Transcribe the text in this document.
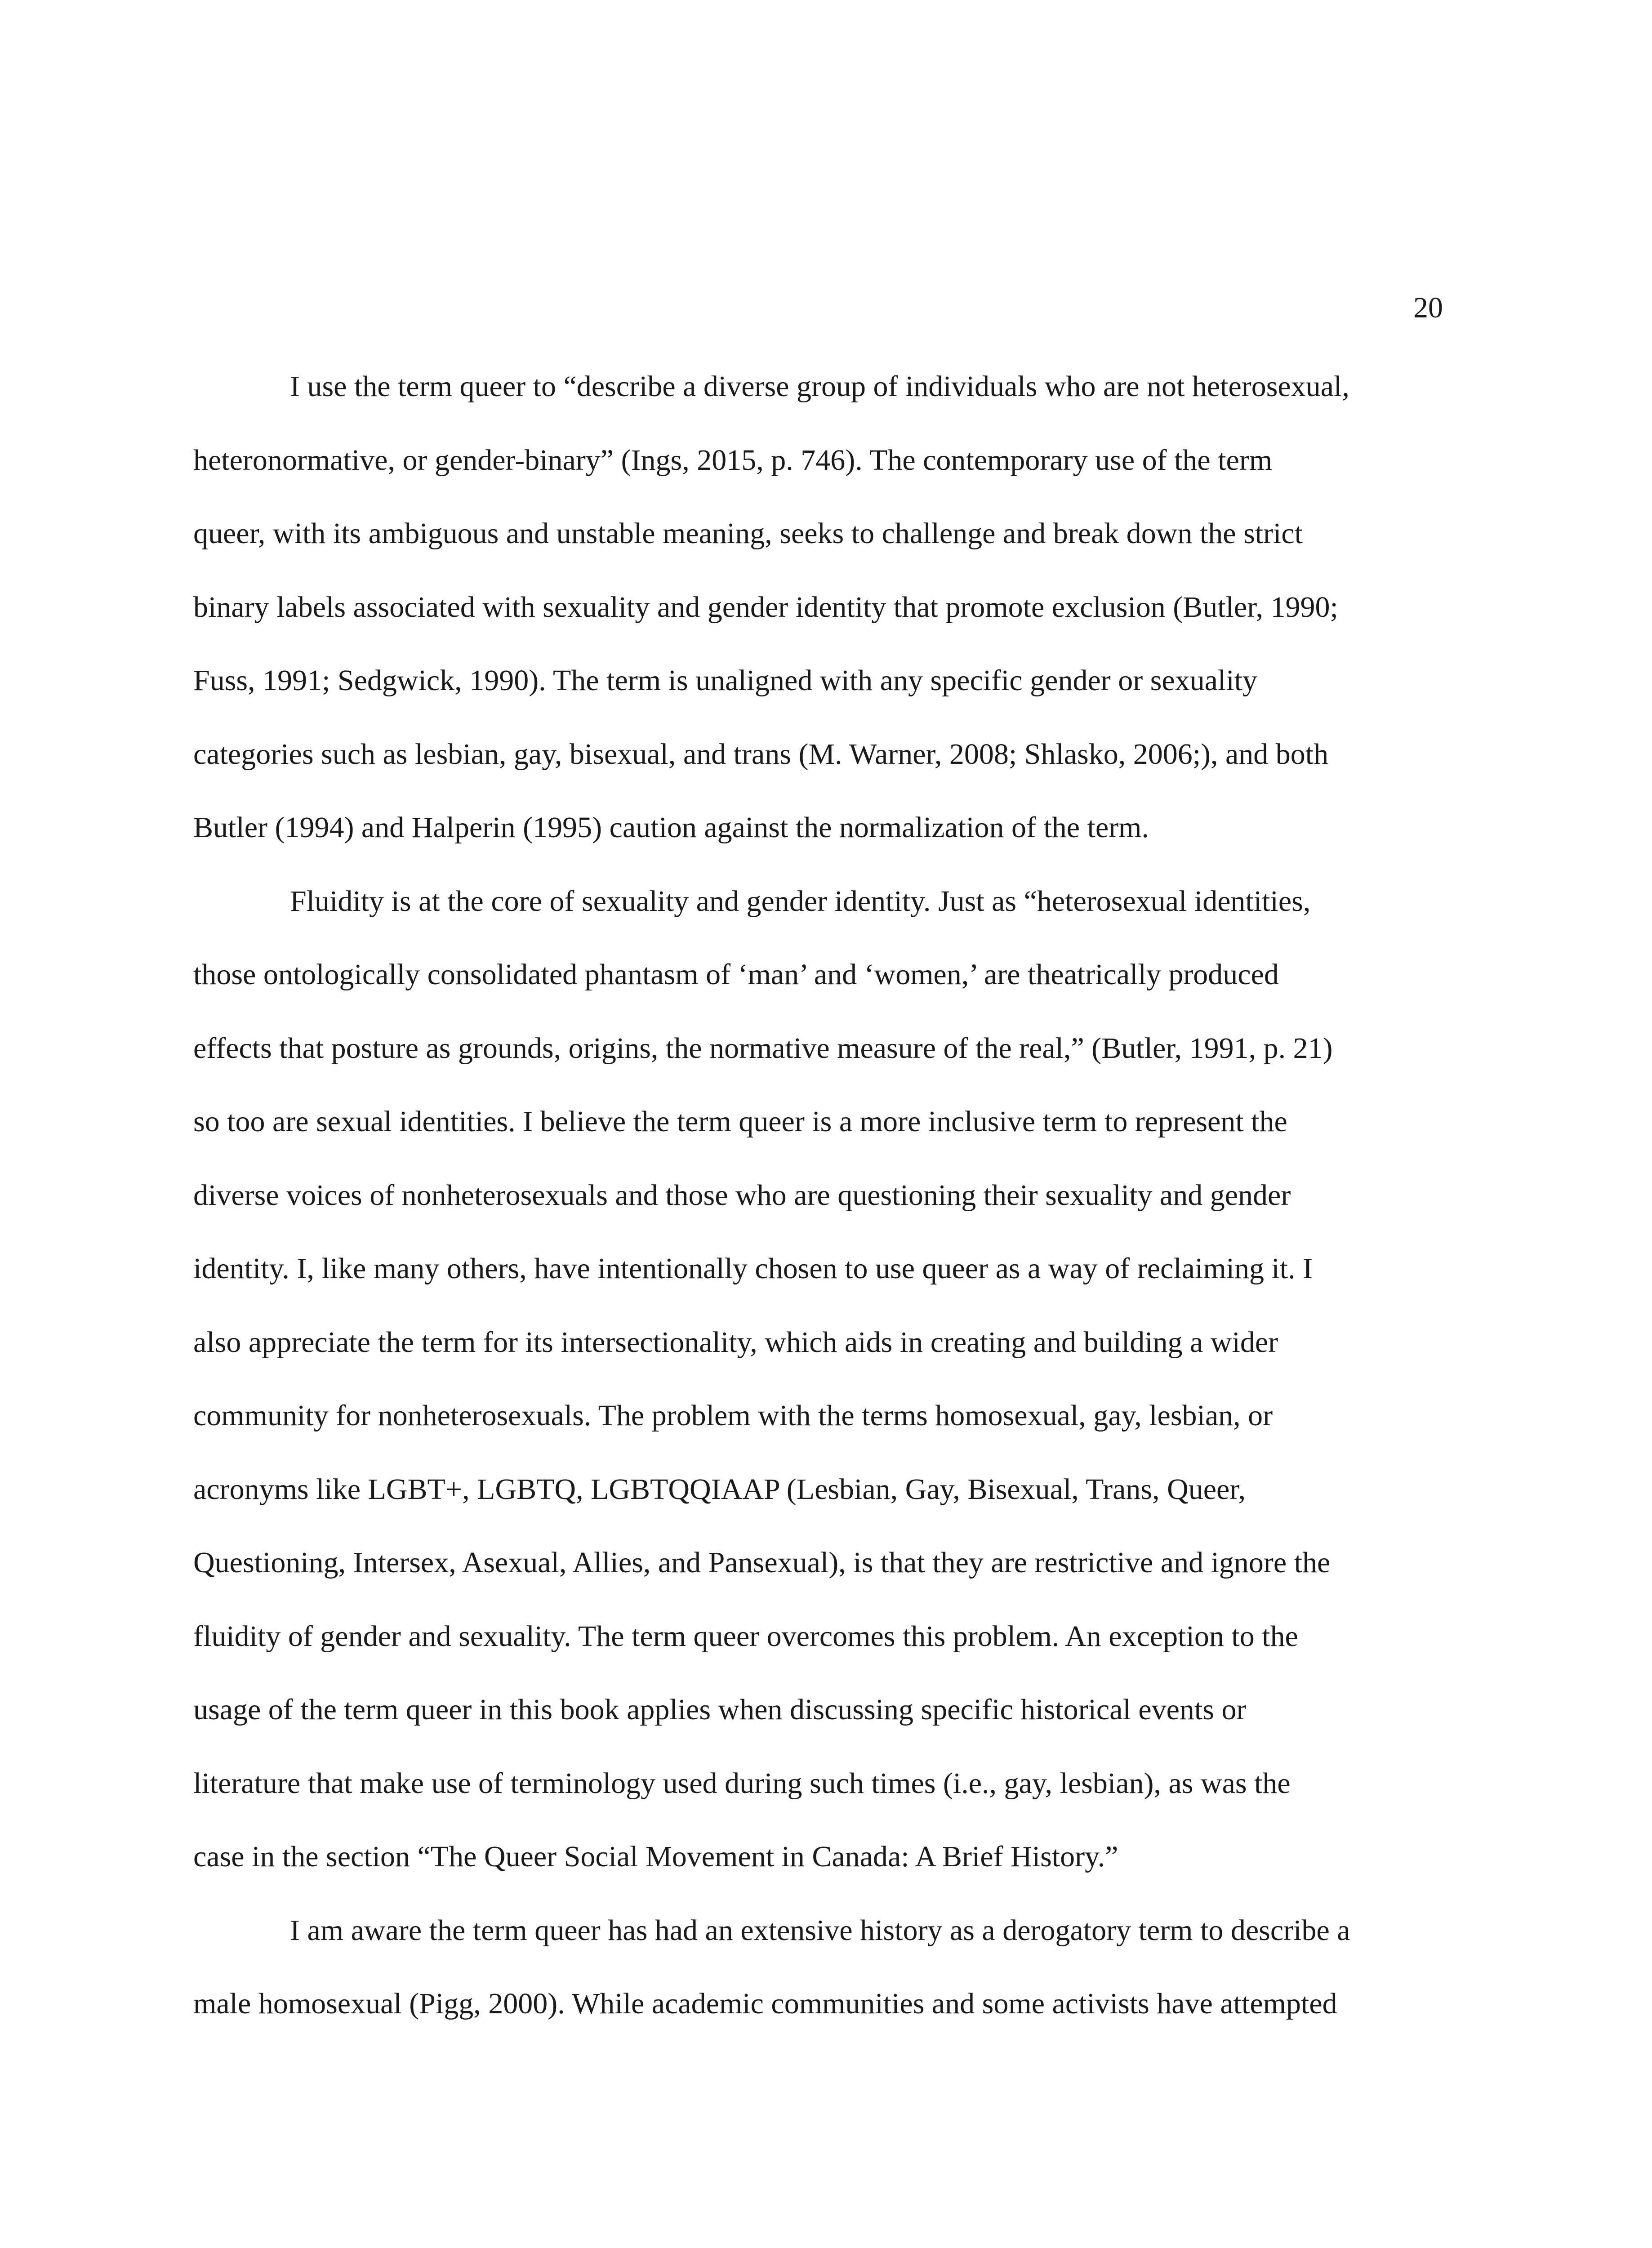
20
I use the term queer to “describe a diverse group of individuals who are not heterosexual,
heteronormative, or gender-binary” (Ings, 2015, p. 746). The contemporary use of the term
queer, with its ambiguous and unstable meaning, seeks to challenge and break down the strict
binary labels associated with sexuality and gender identity that promote exclusion (Butler, 1990;
Fuss, 1991; Sedgwick, 1990). The term is unaligned with any specific gender or sexuality
categories such as lesbian, gay, bisexual, and trans (M. Warner, 2008; Shlasko, 2006;), and both
Butler (1994) and Halperin (1995) caution against the normalization of the term.
Fluidity is at the core of sexuality and gender identity. Just as “heterosexual identities,
those ontologically consolidated phantasm of ‘man’ and ‘women,’ are theatrically produced
effects that posture as grounds, origins, the normative measure of the real,” (Butler, 1991, p. 21)
so too are sexual identities. I believe the term queer is a more inclusive term to represent the
diverse voices of nonheterosexuals and those who are questioning their sexuality and gender
identity. I, like many others, have intentionally chosen to use queer as a way of reclaiming it. I
also appreciate the term for its intersectionality, which aids in creating and building a wider
community for nonheterosexuals. The problem with the terms homosexual, gay, lesbian, or
acronyms like LGBT+, LGBTQ, LGBTQQIAAP (Lesbian, Gay, Bisexual, Trans, Queer,
Questioning, Intersex, Asexual, Allies, and Pansexual), is that they are restrictive and ignore the
fluidity of gender and sexuality. The term queer overcomes this problem. An exception to the
usage of the term queer in this book applies when discussing specific historical events or
literature that make use of terminology used during such times (i.e., gay, lesbian), as was the
case in the section “The Queer Social Movement in Canada: A Brief History.”
I am aware the term queer has had an extensive history as a derogatory term to describe a
male homosexual (Pigg, 2000). While academic communities and some activists have attempted
